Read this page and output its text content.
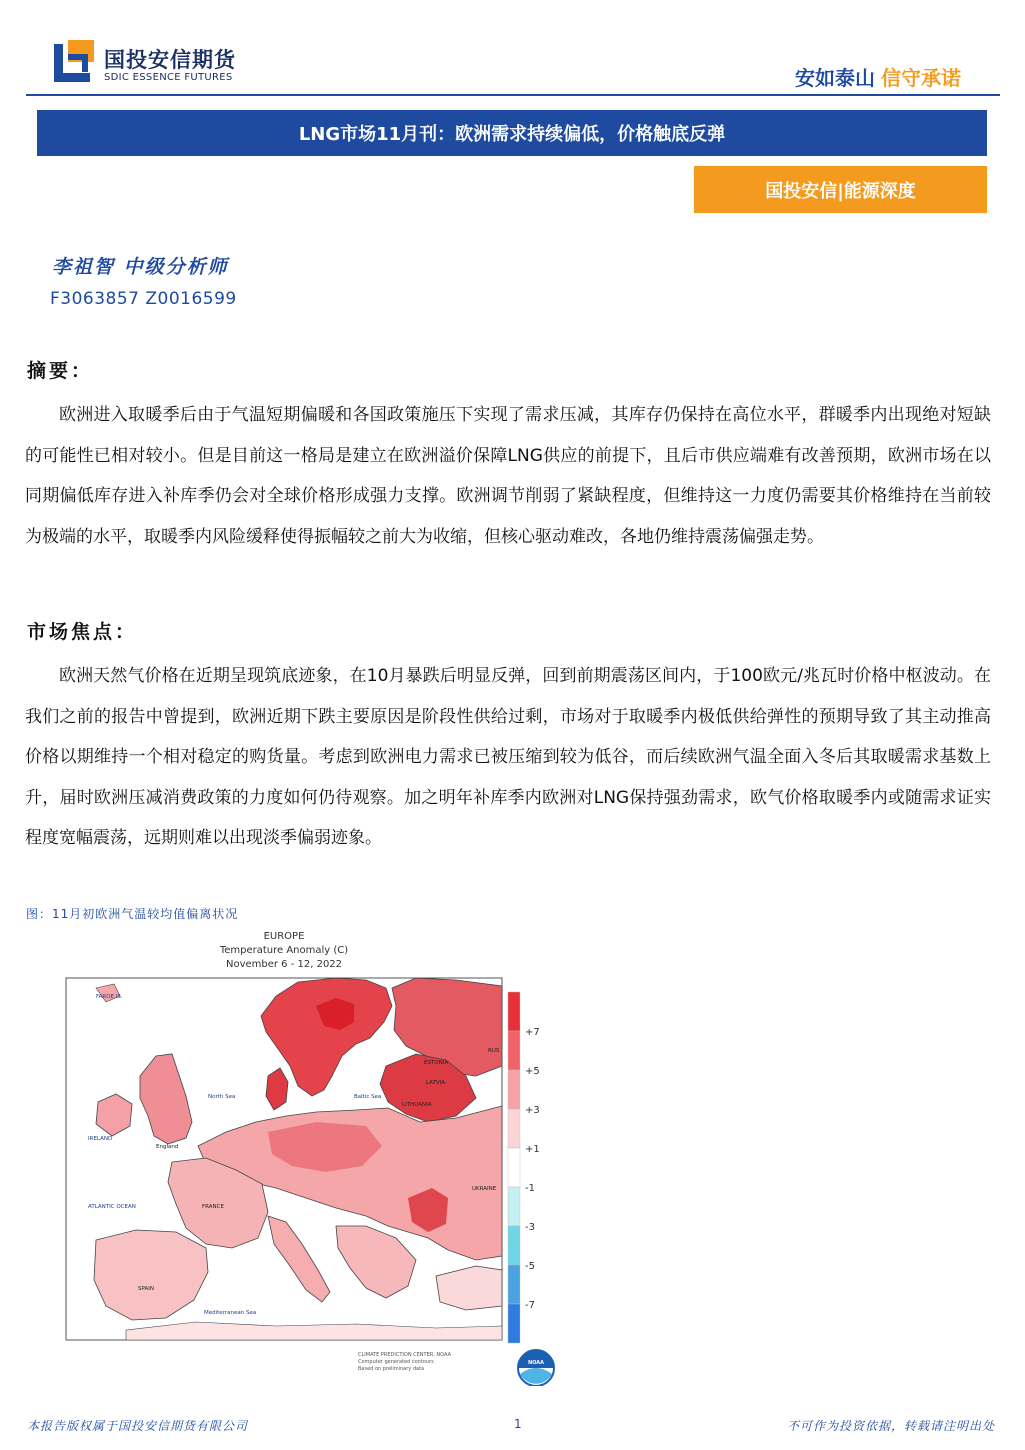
国投安信期货
SDIC ESSENCE FUTURES	安如泰山 信守承诺
LNG市场11月刊：欧洲需求持续偏低，价格触底反弹
国投安信|能源深度
李祖智 中级分析师
F3063857 Z0016599
摘要：
欧洲进入取暖季后由于气温短期偏暖和各国政策施压下实现了需求压减，其库存仍保持在高位水平，群暖季内出现绝对短缺的可能性已相对较小。但是目前这一格局是建立在欧洲溢价保障LNG供应的前提下，且后市供应端难有改善预期，欧洲市场在以同期偏低库存进入补库季仍会对全球价格形成强力支撑。欧洲调节削弱了紧缺程度，但维持这一力度仍需要其价格维持在当前较为极端的水平，取暖季内风险缓释使得振幅较之前大为收缩，但核心驱动难改，各地仍维持震荡偏强走势。
市场焦点：
欧洲天然气价格在近期呈现筑底迹象，在10月暴跌后明显反弹，回到前期震荡区间内，于100欧元/兆瓦时价格中枢波动。在我们之前的报告中曾提到，欧洲近期下跌主要原因是阶段性供给过剩，市场对于取暖季内极低供给弹性的预期导致了其主动推高价格以期维持一个相对稳定的购货量。考虑到欧洲电力需求已被压缩到较为低谷，而后续欧洲气温全面入冬后其取暖需求基数上升，届时欧洲压减消费政策的力度如何仍待观察。加之明年补库季内欧洲对LNG保持强劲需求，欧气价格取暖季内或随需求证实程度宽幅震荡，远期则难以出现淡季偏弱迹象。
图：11月初欧洲气温较均值偏离状况
EUROPE
Temperature Anomaly (C)
November 6 - 12, 2022
FAROE IS.
North Sea	Baltic Sea
IRELAND
England
ATLANTIC OCEAN	FRANCE
SPAIN
Mediterranean Sea
ESTONIA
LATVIA
LITHUANIA
UKRAINE
RUS
+7
+5
+3
+1
-1
-3
-5
-7
CLIMATE PREDICTION CENTER, NOAA
Computer generated contours
Based on preliminary data
NOAA
本报告版权属于国投安信期货有限公司	1	不可作为投资依据，转载请注明出处
